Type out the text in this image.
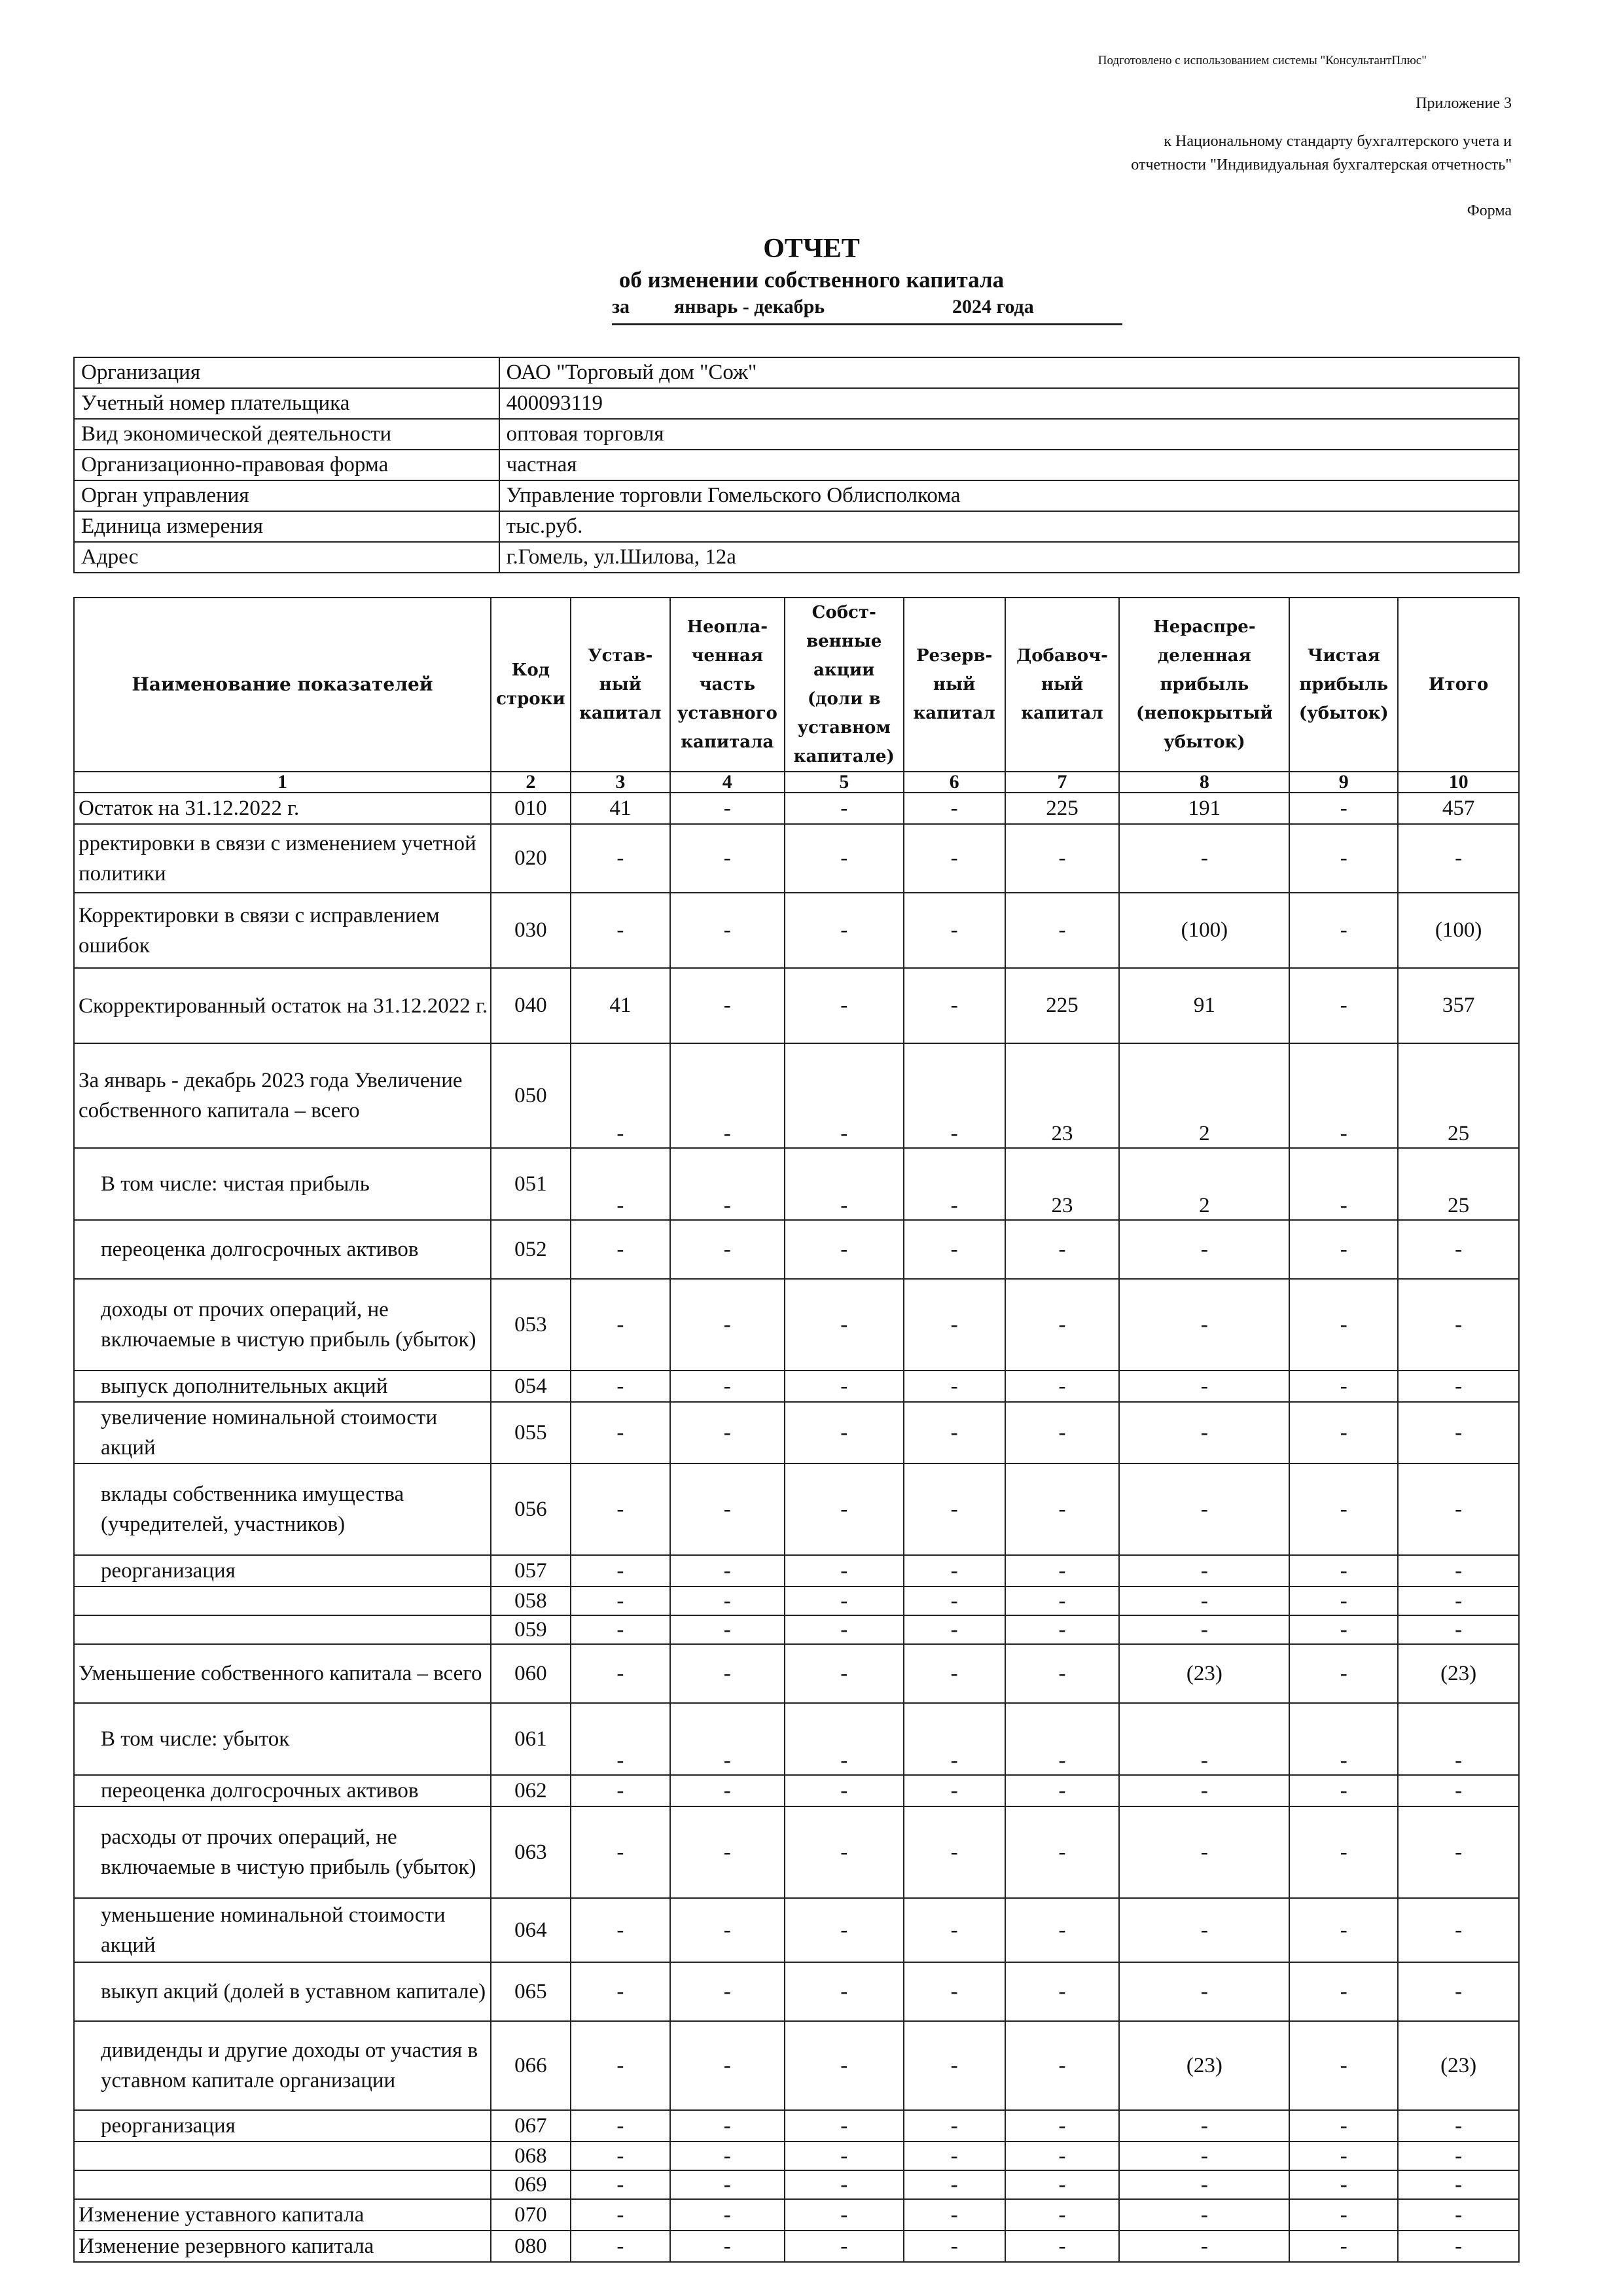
Подготовлено с использованием системы "КонсультантПлюс"
Приложение 3
к Национальному стандарту бухгалтерского учета и
отчетности "Индивидуальная бухгалтерская отчетность"
Форма
ОТЧЕТ
об изменении собственного капитала
за январь - декабрь	2024 года
Организация	ОАО "Торговый дом "Сож"
Учетный номер плательщика	400093119
Вид экономической деятельности	оптовая торговля
Организационно-правовая форма	частная
Орган управления	Управление торговли Гомельского Облисполкома
Единица измерения	тыс.руб.
Адрес	г.Гомель, ул.Шилова, 12а
Наименование показателей	Код строки	Устав-ный капитал	Неопла-ченная часть уставного капитала	Собст-венные акции (доли в уставном капитале)	Резерв-ный капитал	Добавоч-ный капитал	Нераспре-деленная прибыль (непокрытый убыток)	Чистая прибыль (убыток)	Итого
1	2	3	4	5	6	7	8	9	10
Остаток на 31.12.2022 г.	010	41	-	-	-	225	191	-	457
рректировки в связи с изменением учетной политики	020	-	-	-	-	-	-	-	-
Корректировки в связи с исправлением ошибок	030	-	-	-	-	-	(100)	-	(100)
Скорректированный остаток на 31.12.2022 г.	040	41	-	-	-	225	91	-	357
За январь - декабрь 2023 года Увеличение собственного капитала – всего	050	-	-	-	-	23	2	-	25
В том числе: чистая прибыль	051	-	-	-	-	23	2	-	25
переоценка долгосрочных активов	052	-	-	-	-	-	-	-	-
доходы от прочих операций, не включаемые в чистую прибыль (убыток)	053	-	-	-	-	-	-	-	-
выпуск дополнительных акций	054	-	-	-	-	-	-	-	-
увеличение номинальной стоимости акций	055	-	-	-	-	-	-	-	-
вклады собственника имущества (учредителей, участников)	056	-	-	-	-	-	-	-	-
реорганизация	057	-	-	-	-	-	-	-	-
	058	-	-	-	-	-	-	-	-
	059	-	-	-	-	-	-	-	-
Уменьшение собственного капитала – всего	060	-	-	-	-	-	(23)	-	(23)
В том числе: убыток	061	-	-	-	-	-	-	-	-
переоценка долгосрочных активов	062	-	-	-	-	-	-	-	-
расходы от прочих операций, не включаемые в чистую прибыль (убыток)	063	-	-	-	-	-	-	-	-
уменьшение номинальной стоимости акций	064	-	-	-	-	-	-	-	-
выкуп акций (долей в уставном капитале)	065	-	-	-	-	-	-	-	-
дивиденды и другие доходы от участия в уставном капитале организации	066	-	-	-	-	-	(23)	-	(23)
реорганизация	067	-	-	-	-	-	-	-	-
	068	-	-	-	-	-	-	-	-
	069	-	-	-	-	-	-	-	-
Изменение уставного капитала	070	-	-	-	-	-	-	-	-
Изменение резервного капитала	080	-	-	-	-	-	-	-	-
